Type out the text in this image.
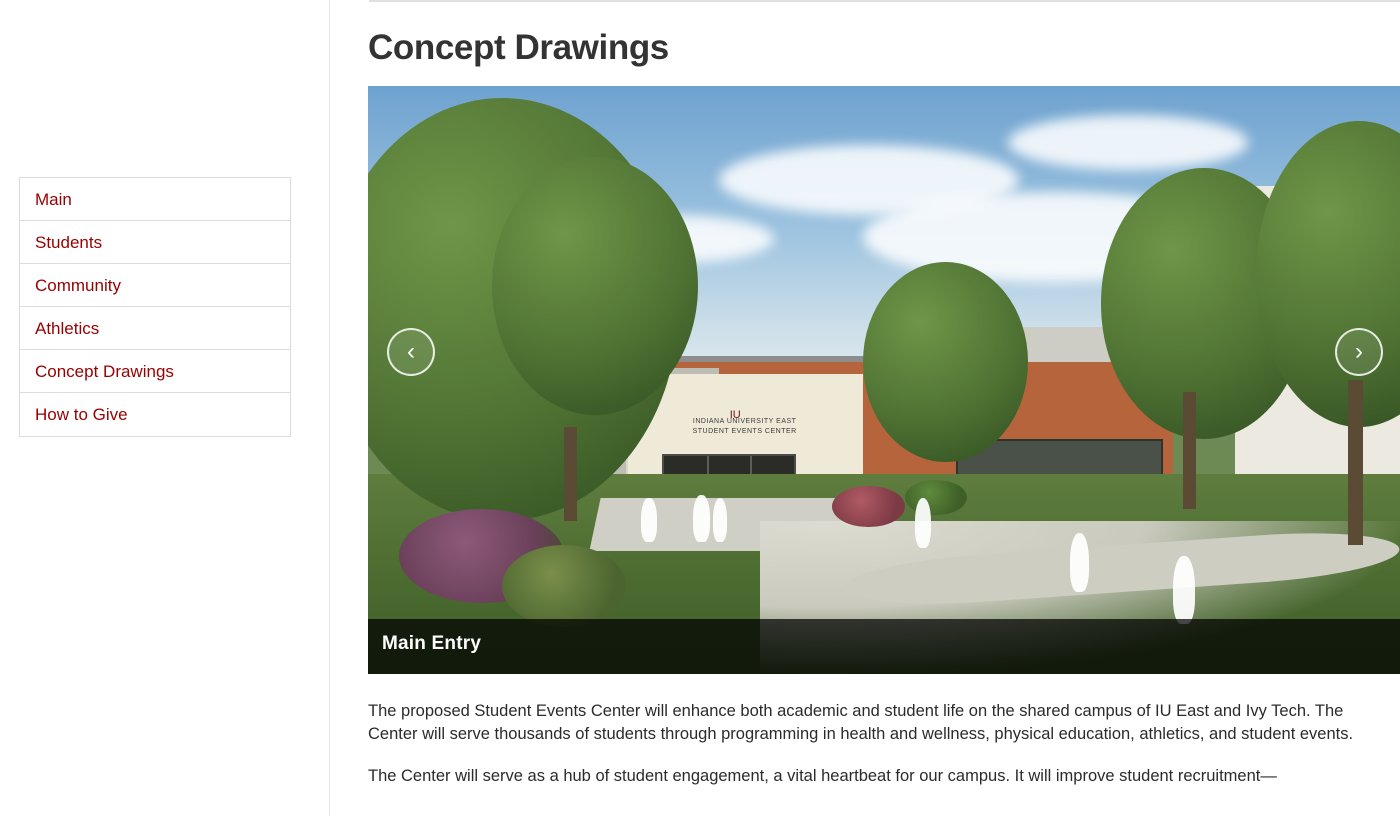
Main
Students
Community
Athletics
Concept Drawings
How to Give
Concept Drawings
IU
INDIANA UNIVERSITY EAST
STUDENT EVENTS CENTER
‹	›
Main Entry

The proposed Student Events Center will enhance both academic and student life on the shared campus of IU East and Ivy Tech. The Center will serve thousands of students through programming in health and wellness, physical education, athletics, and student events.

The Center will serve as a hub of student engagement, a vital heartbeat for our campus. It will improve student recruitment—
